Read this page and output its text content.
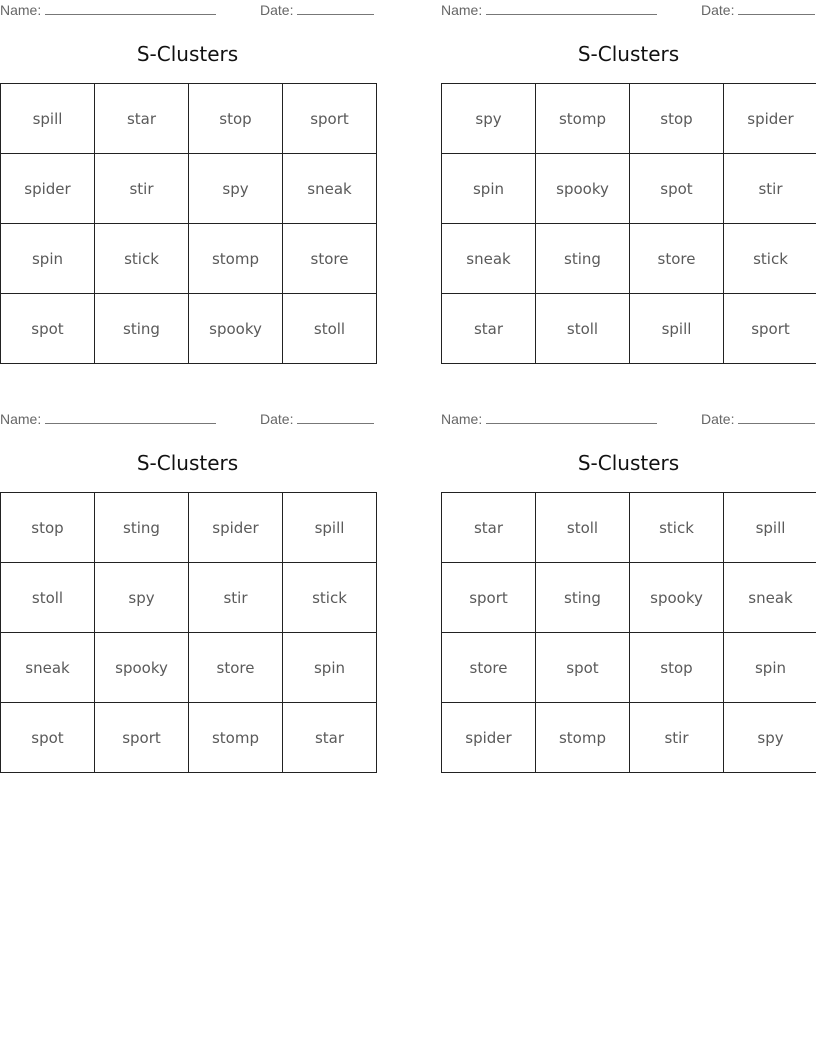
Name:	Date:
S-Clusters
spill	star	stop	sport
spider	stir	spy	sneak
spin	stick	stomp	store
spot	sting	spooky	stoll
Name:	Date:
S-Clusters
spy	stomp	stop	spider
spin	spooky	spot	stir
sneak	sting	store	stick
star	stoll	spill	sport
Name:	Date:
S-Clusters
stop	sting	spider	spill
stoll	spy	stir	stick
sneak	spooky	store	spin
spot	sport	stomp	star
Name:	Date:
S-Clusters
star	stoll	stick	spill
sport	sting	spooky	sneak
store	spot	stop	spin
spider	stomp	stir	spy
